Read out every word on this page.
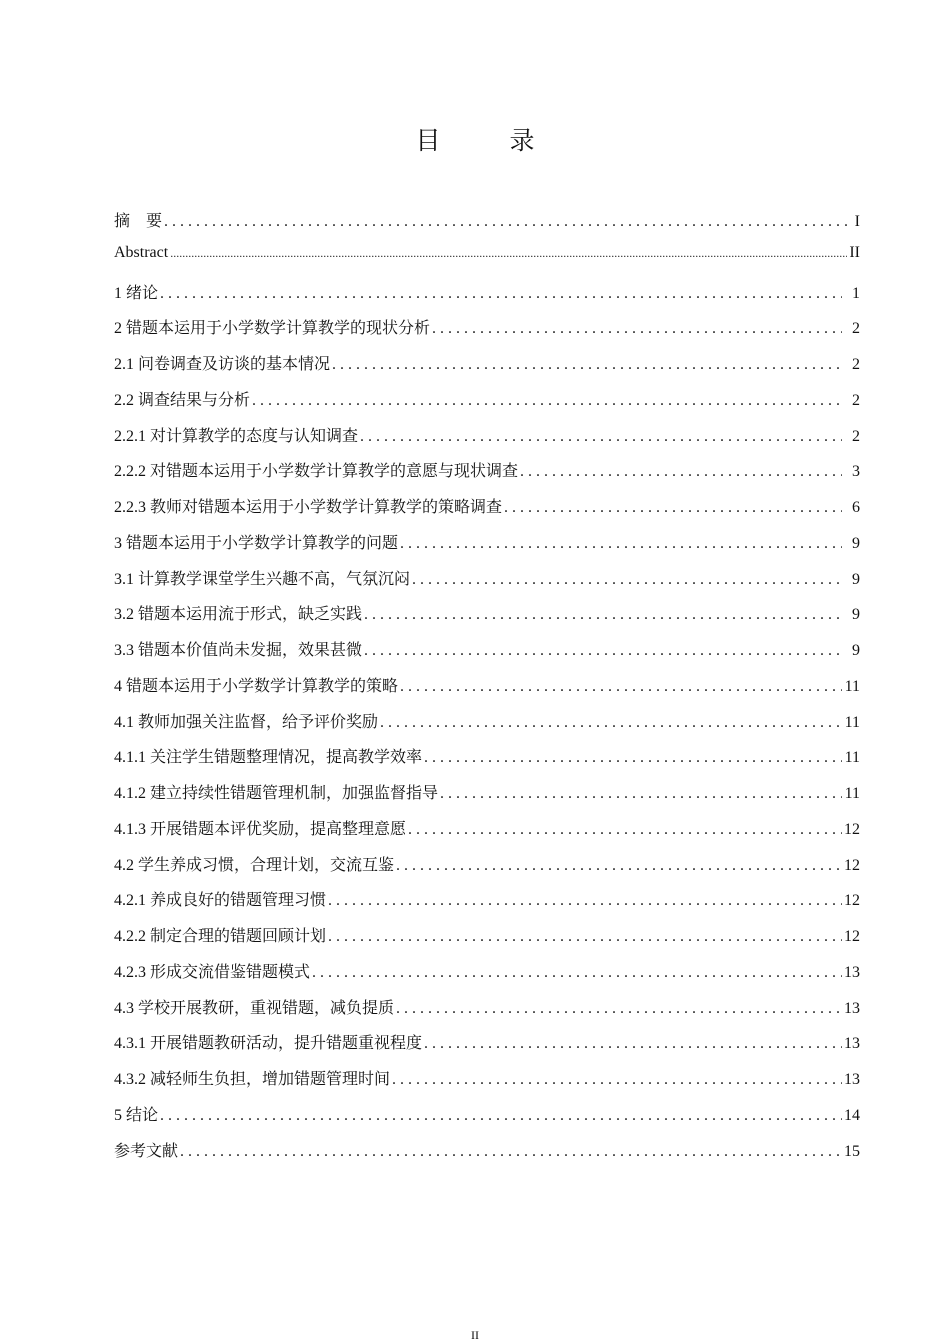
目　录
摘　要 . . .	I
Abstract .....	II
1 绪论 . . .	1
2 错题本运用于小学数学计算教学的现状分析 . . .	2
2.1 问卷调查及访谈的基本情况 . . .	2
2.2 调查结果与分析 . . .	2
2.2.1 对计算教学的态度与认知调查 . . .	2
2.2.2 对错题本运用于小学数学计算教学的意愿与现状调查 . . .	3
2.2.3 教师对错题本运用于小学数学计算教学的策略调查 . . .	6
3 错题本运用于小学数学计算教学的问题 . . .	9
3.1 计算教学课堂学生兴趣不高，气氛沉闷 . . .	9
3.2 错题本运用流于形式，缺乏实践 . . .	9
3.3 错题本价值尚未发掘，效果甚微 . . .	9
4 错题本运用于小学数学计算教学的策略 . . .	11
4.1 教师加强关注监督，给予评价奖励 . . .	11
4.1.1 关注学生错题整理情况，提高教学效率 . . .	11
4.1.2 建立持续性错题管理机制，加强监督指导 . . .	11
4.1.3 开展错题本评优奖励，提高整理意愿 . . .	12
4.2 学生养成习惯，合理计划，交流互鉴 . . .	12
4.2.1 养成良好的错题管理习惯 . . .	12
4.2.2 制定合理的错题回顾计划 . . .	12
4.2.3 形成交流借鉴错题模式 . . .	13
4.3 学校开展教研，重视错题，减负提质 . . .	13
4.3.1 开展错题教研活动，提升错题重视程度 . . .	13
4.3.2 减轻师生负担，增加错题管理时间 . . .	13
5 结论 . . .	14
参考文献 . . .	15
II
